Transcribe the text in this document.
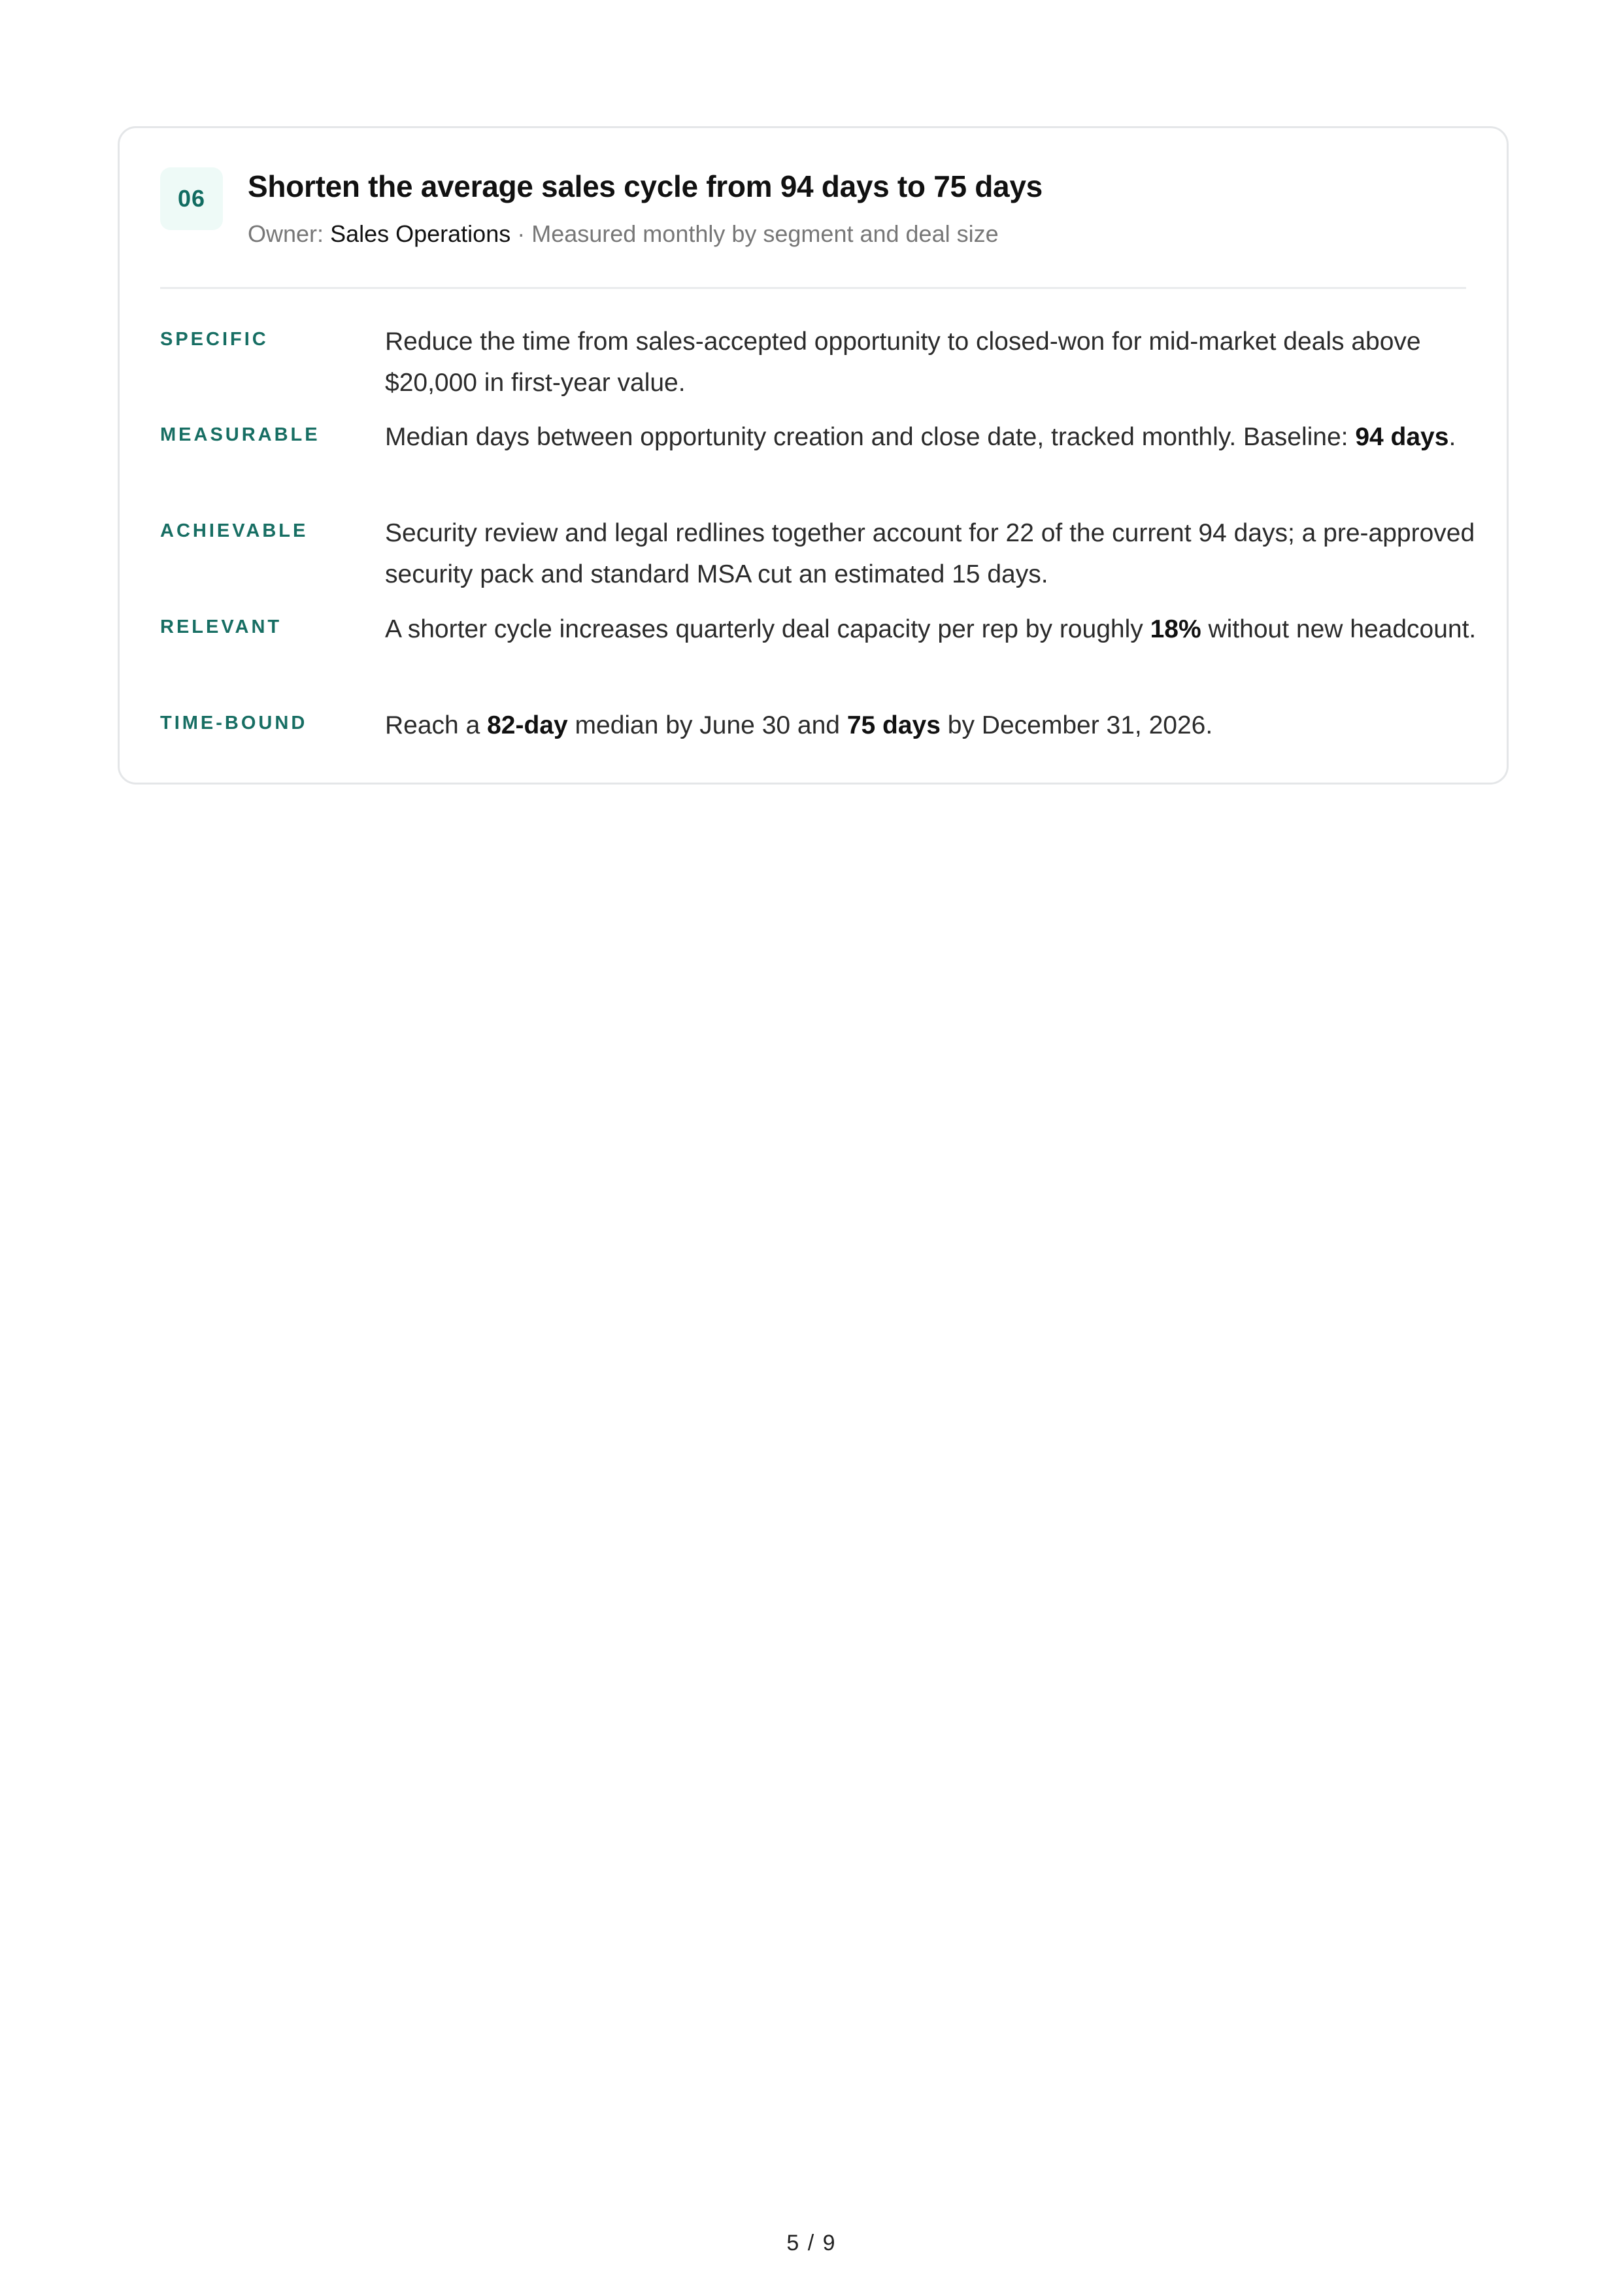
06	Shorten the average sales cycle from 94 days to 75 days
Owner: Sales Operations · Measured monthly by segment and deal size
SPECIFIC	Reduce the time from sales-accepted opportunity to closed-won for mid-market deals above $20,000 in first-year value.
MEASURABLE	Median days between opportunity creation and close date, tracked monthly. Baseline: 94 days.
ACHIEVABLE	Security review and legal redlines together account for 22 of the current 94 days; a pre-approved security pack and standard MSA cut an estimated 15 days.
RELEVANT	A shorter cycle increases quarterly deal capacity per rep by roughly 18% without new headcount.
TIME-BOUND	Reach a 82-day median by June 30 and 75 days by December 31, 2026.
5 / 9
